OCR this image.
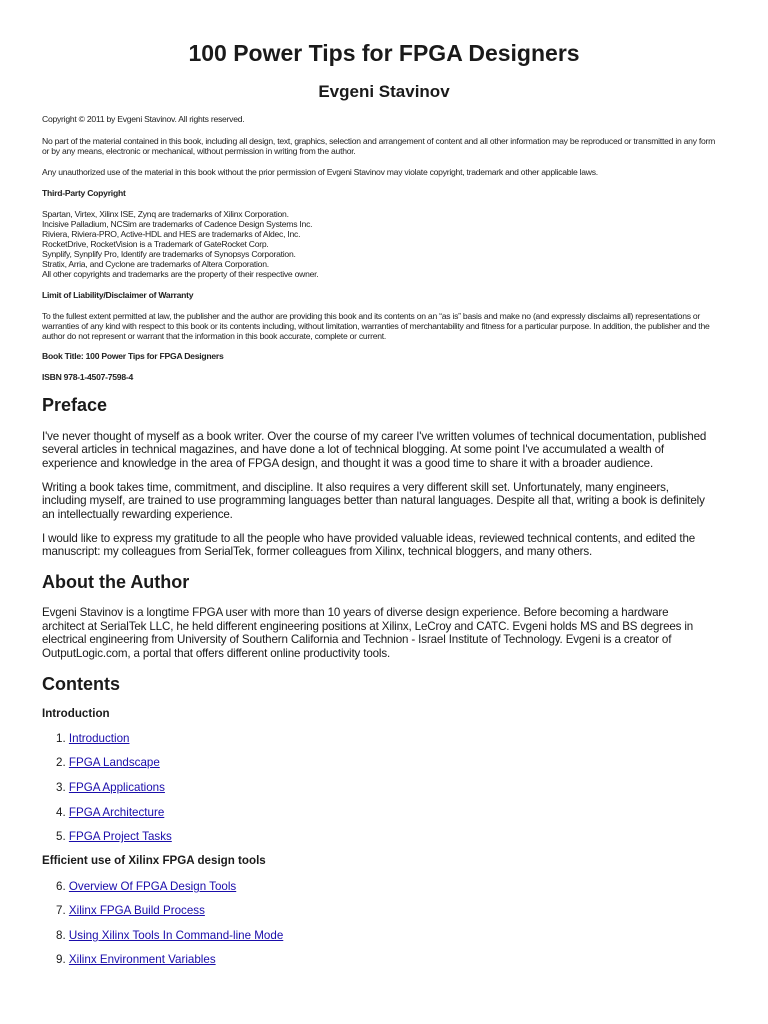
100 Power Tips for FPGA Designers
Evgeni Stavinov

Copyright © 2011 by Evgeni Stavinov. All rights reserved.

No part of the material contained in this book, including all design, text, graphics, selection and arrangement of content and all other information may be reproduced or transmitted in any form

or by any means, electronic or mechanical, without permission in writing from the author.

Any unauthorized use of the material in this book without the prior permission of Evgeni Stavinov may violate copyright, trademark and other applicable laws.

Third-Party Copyright

Spartan, Virtex, Xilinx ISE, Zynq are trademarks of Xilinx Corporation.

Incisive Palladium, NCSim are trademarks of Cadence Design Systems Inc.

Riviera, Riviera-PRO, Active-HDL and HES are trademarks of Aldec, Inc.

RocketDrive, RocketVision is a Trademark of GateRocket Corp.

Synplify, Synplify Pro, Identify are trademarks of Synopsys Corporation.

Stratix, Arria, and Cyclone are trademarks of Altera Corporation.

All other copyrights and trademarks are the property of their respective owner.

Limit of Liability/Disclaimer of Warranty

To the fullest extent permitted at law, the publisher and the author are providing this book and its contents on an “as is” basis and make no (and expressly disclaims all) representations or

warranties of any kind with respect to this book or its contents including, without limitation, warranties of merchantability and fitness for a particular purpose. In addition, the publisher and the

author do not represent or warrant that the information in this book accurate, complete or current.

Book Title: 100 Power Tips for FPGA Designers

ISBN 978-1-4507-7598-4

Preface

I've never thought of myself as a book writer. Over the course of my career I've written volumes of technical documentation, published

several articles in technical magazines, and have done a lot of technical blogging. At some point I've accumulated a wealth of

experience and knowledge in the area of FPGA design, and thought it was a good time to share it with a broader audience.

Writing a book takes time, commitment, and discipline. It also requires a very different skill set. Unfortunately, many engineers,

including myself, are trained to use programming languages better than natural languages. Despite all that, writing a book is definitely

an intellectually rewarding experience.

I would like to express my gratitude to all the people who have provided valuable ideas, reviewed technical contents, and edited the

manuscript: my colleagues from SerialTek, former colleagues from Xilinx, technical bloggers, and many others.

About the Author

Evgeni Stavinov is a longtime FPGA user with more than 10 years of diverse design experience. Before becoming a hardware

architect at SerialTek LLC, he held different engineering positions at Xilinx, LeCroy and CATC. Evgeni holds MS and BS degrees in

electrical engineering from University of Southern California and Technion - Israel Institute of Technology. Evgeni is a creator of

OutputLogic.com, a portal that offers different online productivity tools.

Contents
Introduction

1. Introduction

2. FPGA Landscape

3. FPGA Applications

4. FPGA Architecture

5. FPGA Project Tasks

Efficient use of Xilinx FPGA design tools

6. Overview Of FPGA Design Tools

7. Xilinx FPGA Build Process

8. Using Xilinx Tools In Command-line Mode

9. Xilinx Environment Variables
